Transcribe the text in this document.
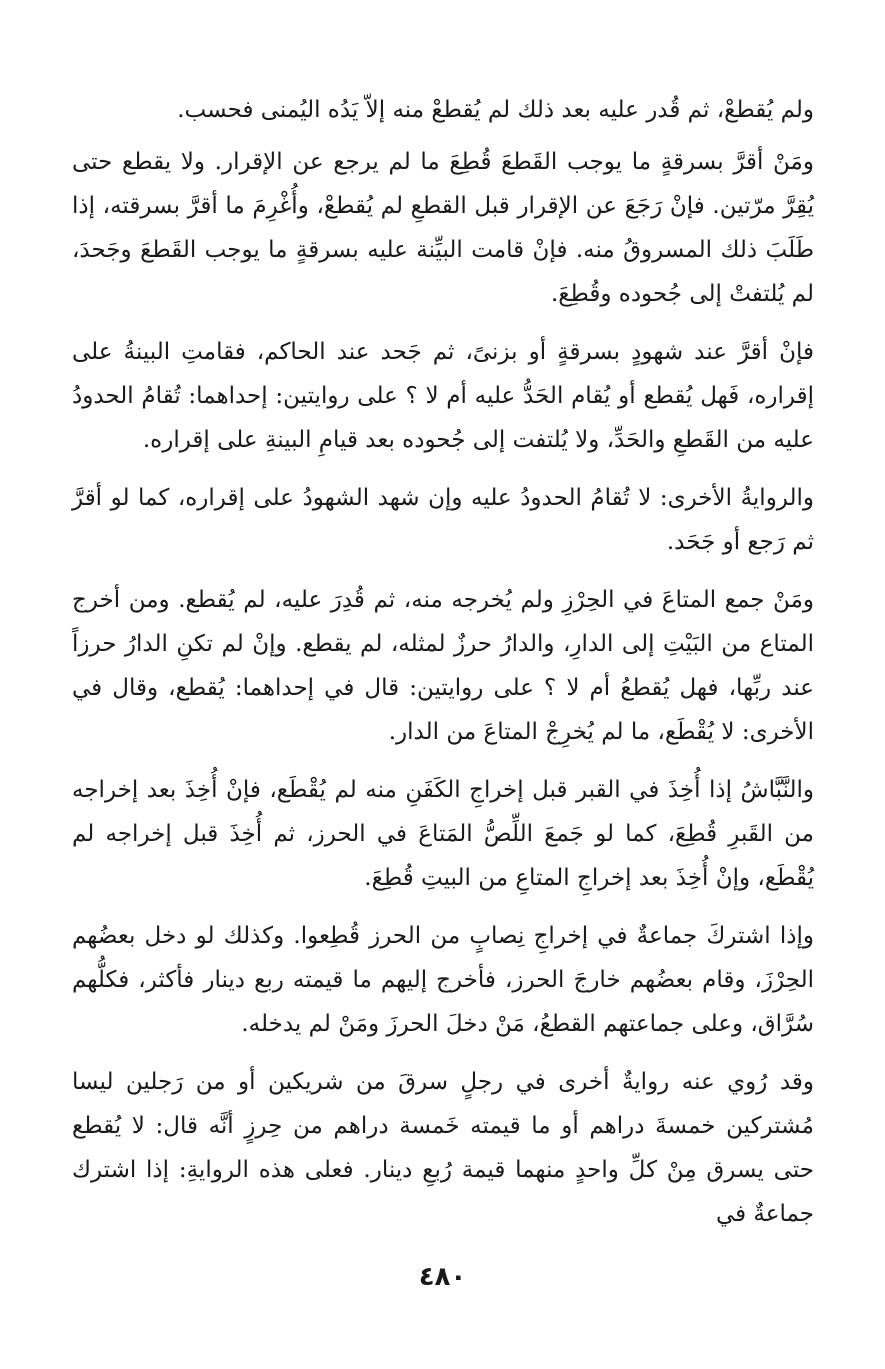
ولم يُقطعْ، ثم قُدر عليه بعد ذلك لم يُقطعْ منه إلاّ يَدُه اليُمنى فحسب.

ومَنْ أقرَّ بسرقةٍ ما يوجب القَطعَ قُطِعَ ما لم يرجع عن الإقرار. ولا يقطع حتى يُقِرَّ مرّتين. فإنْ رَجَعَ عن الإقرار قبل القطعِ لم يُقطعْ، وأُغْرِمَ ما أقرَّ بسرقته، إذا طَلَبَ ذلك المسروقُ منه. فإنْ قامت البيِّنة عليه بسرقةٍ ما يوجب القَطعَ وجَحدَ، لم يُلتفتْ إلى جُحوده وقُطِعَ.

فإنْ أقرَّ عند شهودٍ بسرقةٍ أو بزنىً، ثم جَحد عند الحاكم، فقامتِ البينةُ على إقراره، فَهل يُقطع أو يُقام الحَدُّ عليه أم لا ؟ على روايتين: إحداهما: تُقامُ الحدودُ عليه من القَطعِ والحَدِّ، ولا يُلتفت إلى جُحوده بعد قيامِ البينةِ على إقراره.

والروايةُ الأخرى: لا تُقامُ الحدودُ عليه وإن شهد الشهودُ على إقراره، كما لو أقرَّ ثم رَجع أو جَحَد.

ومَنْ جمع المتاعَ في الحِرْزِ ولم يُخرجه منه، ثم قُدِرَ عليه، لم يُقطع. ومن أخرج المتاع من البَيْتِ إلى الدارِ، والدارُ حرزٌ لمثله، لم يقطع. وإنْ لم تكنِ الدارُ حرزاً عند ربِّها، فهل يُقطعُ أم لا ؟ على روايتين: قال في إحداهما: يُقطع، وقال في الأخرى: لا يُقْطَع، ما لم يُخرِجْ المتاعَ من الدار.

والنَّبَّاشُ إذا أُخِذَ في القبر قبل إخراجِ الكَفَنِ منه لم يُقْطَع، فإنْ أُخِذَ بعد إخراجه من القَبرِ قُطِعَ، كما لو جَمعَ اللِّصُّ المَتاعَ في الحرز، ثم أُخِذَ قبل إخراجه لم يُقْطَع، وإنْ أُخِذَ بعد إخراجِ المتاعِ من البيتِ قُطِعَ.

وإذا اشتركَ جماعةٌ في إخراجِ نِصابٍ من الحرز قُطِعوا. وكذلك لو دخل بعضُهم الحِرْزَ، وقام بعضُهم خارجَ الحرز، فأخرج إليهم ما قيمته ربع دينار فأكثر، فكلُّهم سُرَّاق، وعلى جماعتهم القطعُ، مَنْ دخلَ الحرزَ ومَنْ لم يدخله.

وقد رُوي عنه روايةٌ أخرى في رجلٍ سرقَ من شريكين أو من رَجلين ليسا مُشتركين خمسةَ دراهم أو ما قيمته خَمسة دراهم من حِرزٍ أنَّه قال: لا يُقطع حتى يسرق مِنْ كلِّ واحدٍ منهما قيمة رُبعِ دينار. فعلى هذه الروايةِ: إذا اشترك جماعةٌ في

٤٨٠
